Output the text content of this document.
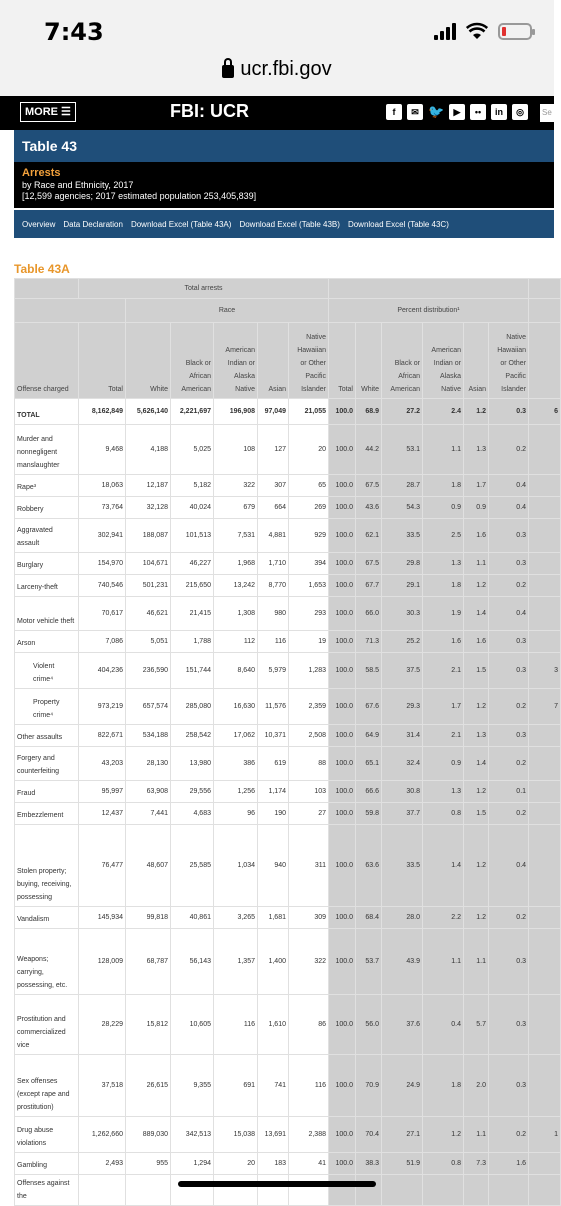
7:43
ucr.fbi.gov
MORE ☰	FBI: UCR	f	✉ 🐦	▶	••	in	◎	Se
Table 43
Arrests
by Race and Ethnicity, 2017
[12,599 agencies; 2017 estimated population 253,405,839]
Overview Data Declaration Download Excel (Table 43A) Download Excel (Table 43B) Download Excel (Table 43C)
Table 43A
	Total arrests												
		Race					Percent distribution¹						
Offense charged	Total	White	Black or African American	American Indian or Alaska Native	Asian	Native Hawaiian or Other Pacific Islander	Total	White	Black or African American	American Indian or Alaska Native	Asian	Native Hawaiian or Other Pacific Islander	
TOTAL	8,162,849	5,626,140	2,221,697	196,908	97,049	21,055	100.0	68.9	27.2	2.4	1.2	0.3	6
Murder and nonnegligent manslaughter	9,468	4,188	5,025	108	127	20	100.0	44.2	53.1	1.1	1.3	0.2	
Rape³	18,063	12,187	5,182	322	307	65	100.0	67.5	28.7	1.8	1.7	0.4	
Robbery	73,764	32,128	40,024	679	664	269	100.0	43.6	54.3	0.9	0.9	0.4	
Aggravated assault	302,941	188,087	101,513	7,531	4,881	929	100.0	62.1	33.5	2.5	1.6	0.3	
Burglary	154,970	104,671	46,227	1,968	1,710	394	100.0	67.5	29.8	1.3	1.1	0.3	
Larceny-theft	740,546	501,231	215,650	13,242	8,770	1,653	100.0	67.7	29.1	1.8	1.2	0.2	
Motor vehicle theft	70,617	46,621	21,415	1,308	980	293	100.0	66.0	30.3	1.9	1.4	0.4	
Arson	7,086	5,051	1,788	112	116	19	100.0	71.3	25.2	1.6	1.6	0.3	
Violent crime⁴	404,236	236,590	151,744	8,640	5,979	1,283	100.0	58.5	37.5	2.1	1.5	0.3	3
Property crime⁴	973,219	657,574	285,080	16,630	11,576	2,359	100.0	67.6	29.3	1.7	1.2	0.2	7
Other assaults	822,671	534,188	258,542	17,062	10,371	2,508	100.0	64.9	31.4	2.1	1.3	0.3	
Forgery and counterfeiting	43,203	28,130	13,980	386	619	88	100.0	65.1	32.4	0.9	1.4	0.2	
Fraud	95,997	63,908	29,556	1,256	1,174	103	100.0	66.6	30.8	1.3	1.2	0.1	
Embezzlement	12,437	7,441	4,683	96	190	27	100.0	59.8	37.7	0.8	1.5	0.2	
Stolen property; buying, receiving, possessing	76,477	48,607	25,585	1,034	940	311	100.0	63.6	33.5	1.4	1.2	0.4	
Vandalism	145,934	99,818	40,861	3,265	1,681	309	100.0	68.4	28.0	2.2	1.2	0.2	
Weapons; carrying, possessing, etc.	128,009	68,787	56,143	1,357	1,400	322	100.0	53.7	43.9	1.1	1.1	0.3	
Prostitution and commercialized vice	28,229	15,812	10,605	116	1,610	86	100.0	56.0	37.6	0.4	5.7	0.3	
Sex offenses (except rape and prostitution)	37,518	26,615	9,355	691	741	116	100.0	70.9	24.9	1.8	2.0	0.3	
Drug abuse violations	1,262,660	889,030	342,513	15,038	13,691	2,388	100.0	70.4	27.1	1.2	1.1	0.2	1
Gambling	2,493	955	1,294	20	183	41	100.0	38.3	51.9	0.8	7.3	1.6	
Offenses against the													
